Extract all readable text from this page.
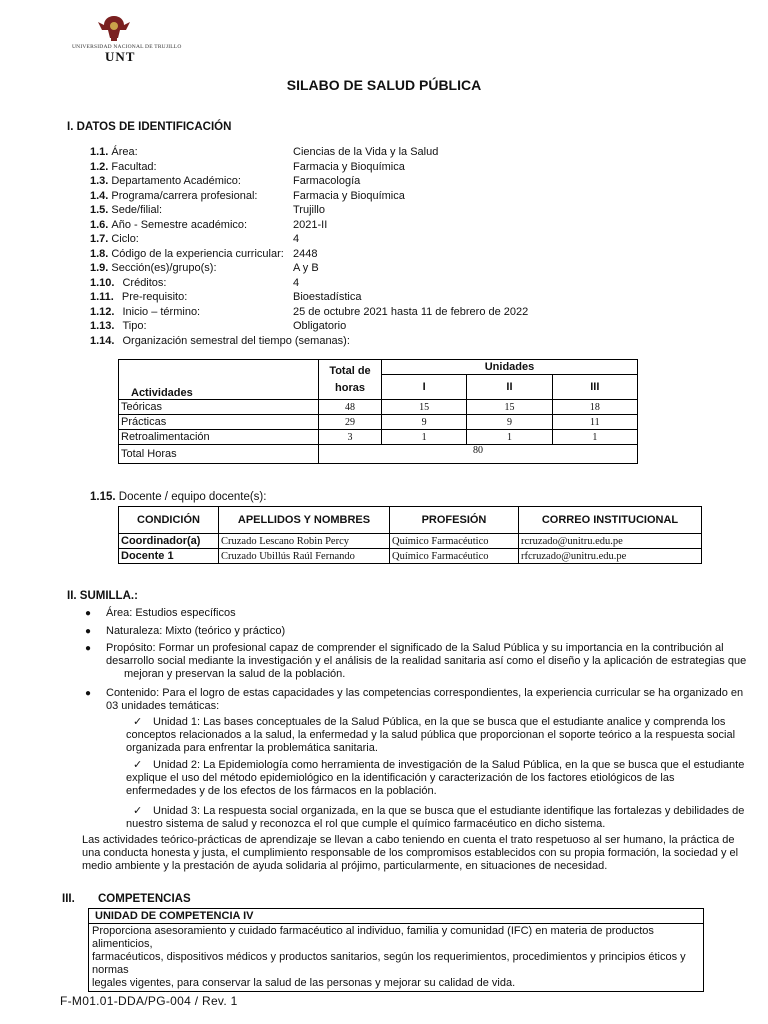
UNIVERSIDAD NACIONAL DE TRUJILLO
UNT
SILABO DE SALUD PÚBLICA
I. DATOS DE IDENTIFICACIÓN
1.1. Área:	Ciencias de la Vida y la Salud
1.2. Facultad:	Farmacia y Bioquímica
1.3. Departamento Académico:	Farmacología
1.4. Programa/carrera profesional:	Farmacia y Bioquímica
1.5. Sede/filial:	Trujillo
1.6. Año - Semestre académico:	2021-II
1.7. Ciclo:	4
1.8. Código de la experiencia curricular: 2448
1.9. Sección(es)/grupo(s):	A y B
1.10. Créditos:	4
1.11. Pre-requisito:	Bioestadística
1.12. Inicio – término:	25 de octubre 2021 hasta 11 de febrero de 2022
1.13. Tipo:	Obligatorio
1.14. Organización semestral del tiempo (semanas):
Actividades	Total de horas	Unidades		
		I	II	III
Teóricas	48	15	15	18
Prácticas	29	9	9	11
Retroalimentación	3	1	1	1
Total Horas	80			
1.15. Docente / equipo docente(s):
CONDICIÓN	APELLIDOS Y NOMBRES	PROFESIÓN	CORREO INSTITUCIONAL
Coordinador(a)	Cruzado Lescano Robin Percy	Químico Farmacéutico	rcruzado@unitru.edu.pe
Docente 1	Cruzado Ubillús Raúl Fernando	Químico Farmacéutico	rfcruzado@unitru.edu.pe
II. SUMILLA.:
● Área: Estudios específicos
● Naturaleza: Mixto (teórico y práctico)
● Propósito: Formar un profesional capaz de comprender el significado de la Salud Pública y su importancia en la contribución al
desarrollo social mediante la investigación y el análisis de la realidad sanitaria así como el diseño y la aplicación de estrategias que
mejoran y preservan la salud de la población.
● Contenido: Para el logro de estas capacidades y las competencias correspondientes, la experiencia curricular se ha organizado en
03 unidades temáticas:
✓ Unidad 1: Las bases conceptuales de la Salud Pública, en la que se busca que el estudiante analice y comprenda los
conceptos relacionados a la salud, la enfermedad y la salud pública que proporcionan el soporte teórico a la respuesta social
organizada para enfrentar la problemática sanitaria.
✓ Unidad 2: La Epidemiología como herramienta de investigación de la Salud Pública, en la que se busca que el estudiante
explique el uso del método epidemiológico en la identificación y caracterización de los factores etiológicos de las
enfermedades y de los efectos de los fármacos en la población.
✓ Unidad 3: La respuesta social organizada, en la que se busca que el estudiante identifique las fortalezas y debilidades de
nuestro sistema de salud y reconozca el rol que cumple el químico farmacéutico en dicho sistema.
Las actividades teórico-prácticas de aprendizaje se llevan a cabo teniendo en cuenta el trato respetuoso al ser humano, la práctica de
una conducta honesta y justa, el cumplimiento responsable de los compromisos establecidos con su propia formación, la sociedad y el
medio ambiente y la prestación de ayuda solidaria al prójimo, particularmente, en situaciones de necesidad.
III. COMPETENCIAS
UNIDAD DE COMPETENCIA IV

Proporciona asesoramiento y cuidado farmacéutico al individuo, familia y comunidad (IFC) en materia de productos alimenticios,
farmacéuticos, dispositivos médicos y productos sanitarios, según los requerimientos, procedimientos y principios éticos y normas
legales vigentes, para conservar la salud de las personas y mejorar su calidad de vida.
F-M01.01-DDA/PG-004 / Rev. 1
